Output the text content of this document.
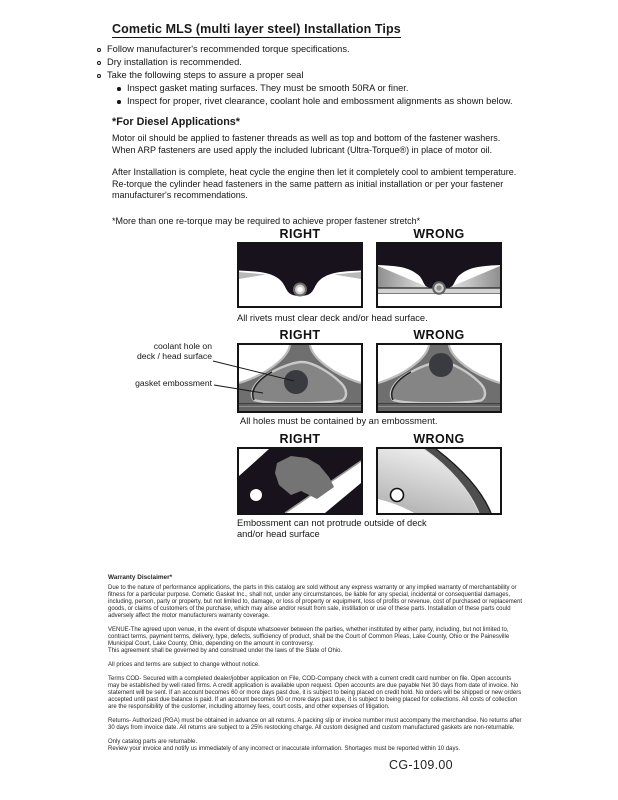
Cometic MLS (multi layer steel) Installation Tips
Follow manufacturer's recommended torque specifications.
Dry installation is recommended.
Take the following steps to assure a proper seal
Inspect gasket mating surfaces. They must be smooth 50RA or finer.
Inspect for proper, rivet clearance, coolant hole and embossment alignments as shown below.
*For Diesel Applications*
Motor oil should be applied to fastener threads as well as top and bottom of the fastener washers. When ARP fasteners are used apply the included lubricant (Ultra-Torque®) in place of motor oil.
After Installation is complete, heat cycle the engine then let it completely cool to ambient temperature. Re-torque the cylinder head fasteners in the same pattern as initial installation or per your fastener manufacturer's recommendations.
*More than one re-torque may be required to achieve proper fastener stretch*
RIGHT	WRONG
All rivets must clear deck and/or head surface.
coolant hole on
deck / head surface
gasket embossment
RIGHT	WRONG
All holes must be contained by an embossment.
RIGHT	WRONG
Embossment can not protrude outside of deck
and/or head surface
Warranty Disclaimer*

Due to the nature of performance applications, the parts in this catalog are sold without any express warranty or any implied warranty of merchantability or fitness for a particular purpose. Cometic Gasket Inc., shall not, under any circumstances, be liable for any special, incidental or consequential damages, including, person, party or property, but not limited to, damage, or loss of property or equipment, loss of profits or revenue, cost of purchased or replacement goods, or claims of customers of the purchase, which may arise and/or result from sale, instillation or use of these parts. Installation of these parts could adversely affect the motor manufacturers warranty coverage.

VENUE-The agreed upon venue, in the event of dispute whatsoever between the parties, whether instituted by either party, including, but not limited to, contract terms, payment terms, delivery, type, defects, sufficiency of product, shall be the Court of Common Pleas, Lake County, Ohio or the Painesville Municipal Court, Lake County, Ohio, depending on the amount in controversy.

This agreement shall be governed by and construed under the laws of the State of Ohio.

All prices and terms are subject to change without notice.

Terms COD- Secured with a completed dealer/jobber application on File, COD-Company check with a current credit card number on file. Open accounts may be established by well rated firms. A credit application is available upon request. Open accounts are due payable Net 30 days from date of invoice. No statement will be sent. If an account becomes 60 or more days past due, it is subject to being placed on credit hold. No orders will be shipped or new orders accepted until past due balance is paid. If an account becomes 90 or more days past due, it is subject to being placed for collections. All costs of collection are the responsibility of the customer, including attorney fees, court costs, and other expenses of litigation.

Returns- Authorized (RGA) must be obtained in advance on all returns. A packing slip or invoice number must accompany the merchandise. No returns after 30 days from invoice date. All returns are subject to a 25% restocking charge. All custom designed and custom manufactured gaskets are non-returnable.

Only catalog parts are returnable.

Review your invoice and notify us immediately of any incorrect or inaccurate information. Shortages must be reported within 10 days.

CG-109.00
